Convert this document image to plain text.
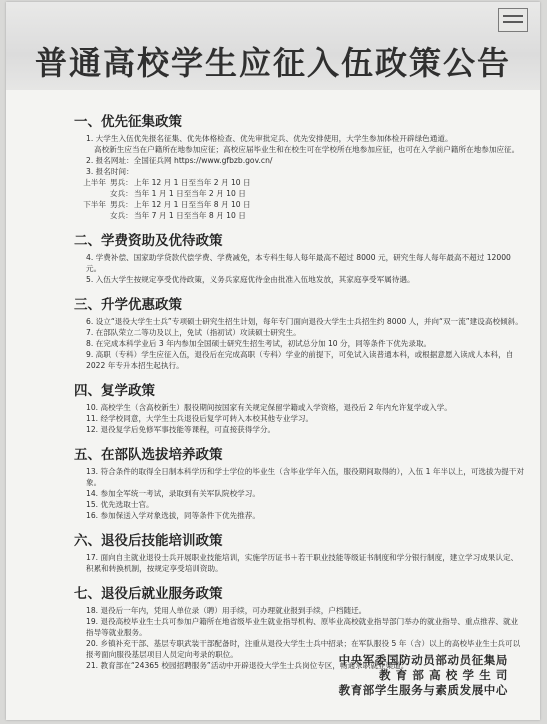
普通高校学生应征入伍政策公告
一、优先征集政策
1. 大学生入伍优先报名征集、优先体格检查、优先审批定兵、优先安排使用，大学生参加体检开辟绿色通道。
高校新生应当在户籍所在地参加应征；高校应届毕业生和在校生可在学校所在地参加应征，也可在入学前户籍所在地参加应征。
2. 报名网址：全国征兵网 https://www.gfbzb.gov.cn/
3. 报名时间：
上半年 男兵： 上年 12 月 1 日至当年 2 月 10 日
女兵： 当年 1 月 1 日至当年 2 月 10 日
下半年 男兵： 上年 12 月 1 日至当年 8 月 10 日
女兵： 当年 7 月 1 日至当年 8 月 10 日
二、学费资助及优待政策
4. 学费补偿、国家助学贷款代偿学费、学费减免，本专科生每人每年最高不超过 8000 元，研究生每人每年最高不超过 12000 元。
5. 入伍大学生按规定享受优待政策，义务兵家庭优待金由批准入伍地发放，其家庭享受军属待遇。
三、升学优惠政策
6. 设立“退役大学生士兵”专项硕士研究生招生计划，每年专门面向退役大学生士兵招生约 8000 人，并向“双一流”建设高校倾斜。
7. 在部队荣立二等功及以上，免试（指初试）攻读硕士研究生。
8. 在完成本科学业后 3 年内参加全国硕士研究生招生考试，初试总分加 10 分，同等条件下优先录取。
9. 高职（专科）学生应征入伍，退役后在完成高职（专科）学业的前提下，可免试入读普通本科，或根据意愿入读成人本科，自 2022 年专升本招生起执行。
四、复学政策
10. 高校学生（含高校新生）服役期间按国家有关规定保留学籍或入学资格，退役后 2 年内允许复学或入学。
11. 经学校同意，大学生士兵退役后复学可转入本校其他专业学习。
12. 退役复学后免修军事技能等课程，可直接获得学分。
五、在部队选拔培养政策
13. 符合条件的取得全日制本科学历和学士学位的毕业生（含毕业学年入伍，服役期间取得的），入伍 1 年半以上，可选拔为提干对象。
14. 参加全军统一考试，录取到有关军队院校学习。
15. 优先选取士官。
16. 参加保送入学对象选拔，同等条件下优先推荐。
六、退役后技能培训政策
17. 面向自主就业退役士兵开展职业技能培训，实施学历证书＋若干职业技能等级证书制度和学分银行制度，建立学习成果认定、积累和转换机制，按规定享受培训资助。
七、退役后就业服务政策
18. 退役后一年内，凭用人单位录（聘）用手续，可办理就业报到手续，户档随迁。
19. 退役高校毕业生士兵可参加户籍所在地省级毕业生就业指导机构、原毕业高校就业指导部门举办的就业指导、重点推荐、就业指导等就业服务。
20. 乡镇补充干部、基层专职武装干部配备时，注重从退役大学生士兵中招录；在军队服役 5 年（含）以上的高校毕业生士兵可以报考面向服役基层项目人员定向考录的职位。
21. 教育部在“24365 校园招聘服务”活动中开辟退役大学生士兵岗位专区，畅通求职就业渠道。
中央军委国防动员部动员征集局
教 育 部 高 校 学 生 司
教育部学生服务与素质发展中心
